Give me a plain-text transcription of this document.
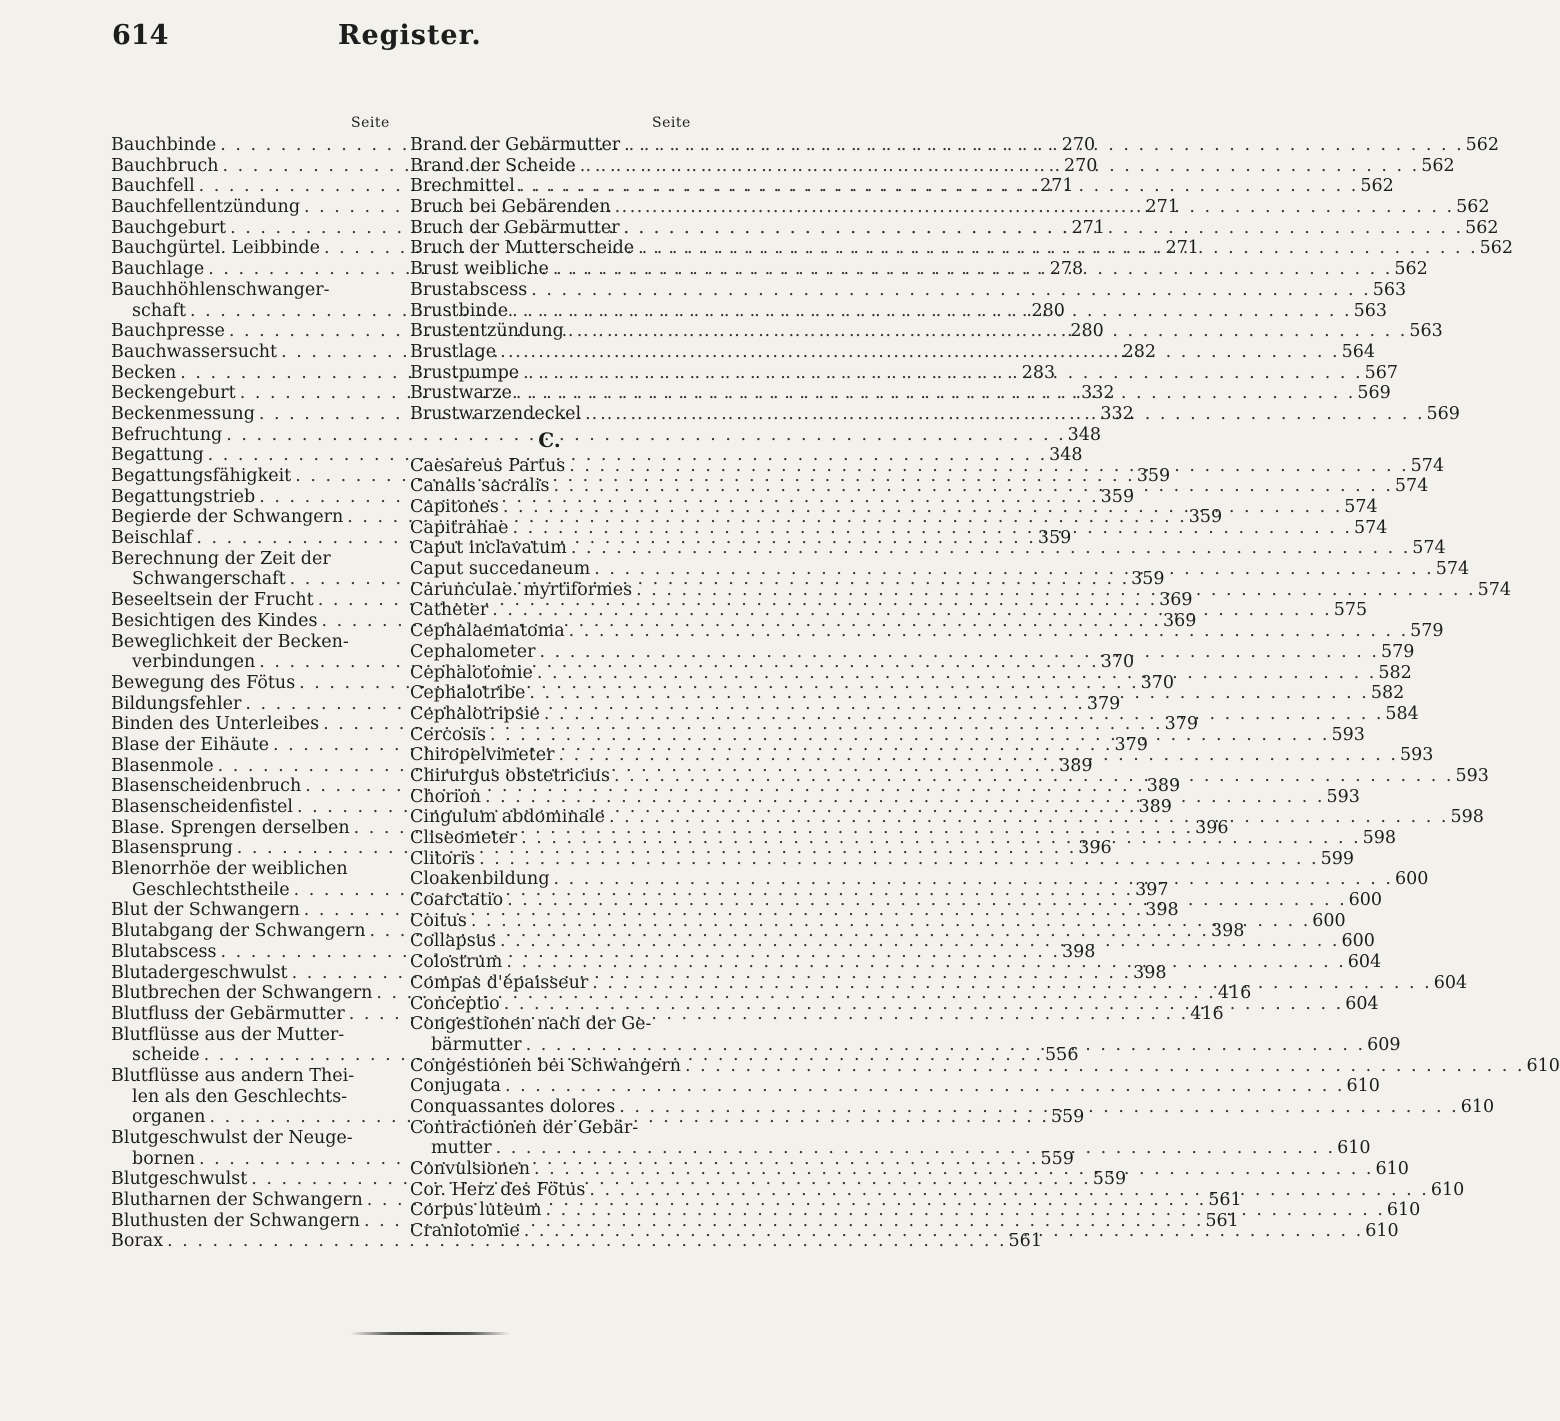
614	Register.
Seite
Bauchbinde . . .	270
Bauchbruch . . .	270
Bauchfell . . .	271
Bauchfellentzündung . . .	271
Bauchgeburt . . .	271
Bauchgürtel. Leibbinde . . .	271
Bauchlage . . .	278
Bauchhöhlenschwanger-
schaft . . .	280
Bauchpresse . . .	280
Bauchwassersucht . . .	282
Becken . . .	283
Beckengeburt . . .	332
Beckenmessung . . .	332
Befruchtung . . .	348
Begattung . . .	348
Begattungsfähigkeit . . .	359
Begattungstrieb . . .	359
Begierde der Schwangern . . .	359
Beischlaf . . .	359
Berechnung der Zeit der
Schwangerschaft . . .	359
Beseeltsein der Frucht . . .	369
Besichtigen des Kindes . . .	369
Beweglichkeit der Becken-
verbindungen . . .	370
Bewegung des Fötus . . .	370
Bildungsfehler . . .	379
Binden des Unterleibes . . .	379
Blase der Eihäute . . .	379
Blasenmole . . .	389
Blasenscheidenbruch . . .	389
Blasenscheidenfistel . . .	389
Blase. Sprengen derselben . . .	396
Blasensprung . . .	396
Blenorrhöe der weiblichen
Geschlechtstheile . . .	397
Blut der Schwangern . . .	398
Blutabgang der Schwangern . . .	398
Blutabscess . . .	398
Blutadergeschwulst . . .	398
Blutbrechen der Schwangern . . .	416
Blutfluss der Gebärmutter . . .	416
Blutflüsse aus der Mutter-
scheide . . .	556
Blutflüsse aus andern Thei-
len als den Geschlechts-
organen . . .	559
Blutgeschwulst der Neuge-
bornen . . .	559
Blutgeschwulst . . .	559
Blutharnen der Schwangern . . .	561
Bluthusten der Schwangern . . .	561
Borax . . .	561
Seite
Brand der Gebärmutter . . .	562
Brand der Scheide . . .	562
Brechmittel . . .	562
Bruch bei Gebärenden . . .	562
Bruch der Gebärmutter . . .	562
Bruch der Mutterscheide . . .	562
Brust weibliche . . .	562
Brustabscess . . .	563
Brustbinde . . .	563
Brustentzündung . . .	563
Brustlage . . .	564
Brustpumpe . . .	567
Brustwarze . . .	569
Brustwarzendeckel . . .	569
C.
Caesareus Partus . . .	574
Canalis sacralis . . .	574
Capitones . . .	574
Capitrahae . . .	574
Caput inclavatum . . .	574
Caput succedaneum . . .	574
Carunculae. myrtiformes . . .	574
Catheter . . .	575
Cephalaematoma . . .	579
Cephalometer . . .	579
Cephalotomie . . .	582
Cephalotribe . . .	582
Cephalotripsie . . .	584
Cercosis . . .	593
Chiropelvimeter . . .	593
Chirurgus obstetricius . . .	593
Chorion . . .	593
Cingulum abdominale . . .	598
Cliseometer . . .	598
Clitoris . . .	599
Cloakenbildung . . .	600
Coarctatio . . .	600
Coitus . . .	600
Collapsus . . .	600
Colostrum . . .	604
Compas d'épaisseur . . .	604
Conceptio . . .	604
Congestionen nach der Ge-
bärmutter . . .	609
Congestionen bei Schwangern . . .	610
Conjugata . . .	610
Conquassantes dolores . . .	610
Contractionen der Gebär-
mutter . . .	610
Convulsionen . . .	610
Cor. Herz des Fötus . . .	610
Corpus luteum . . .	610
Craniotomie . . .	610
